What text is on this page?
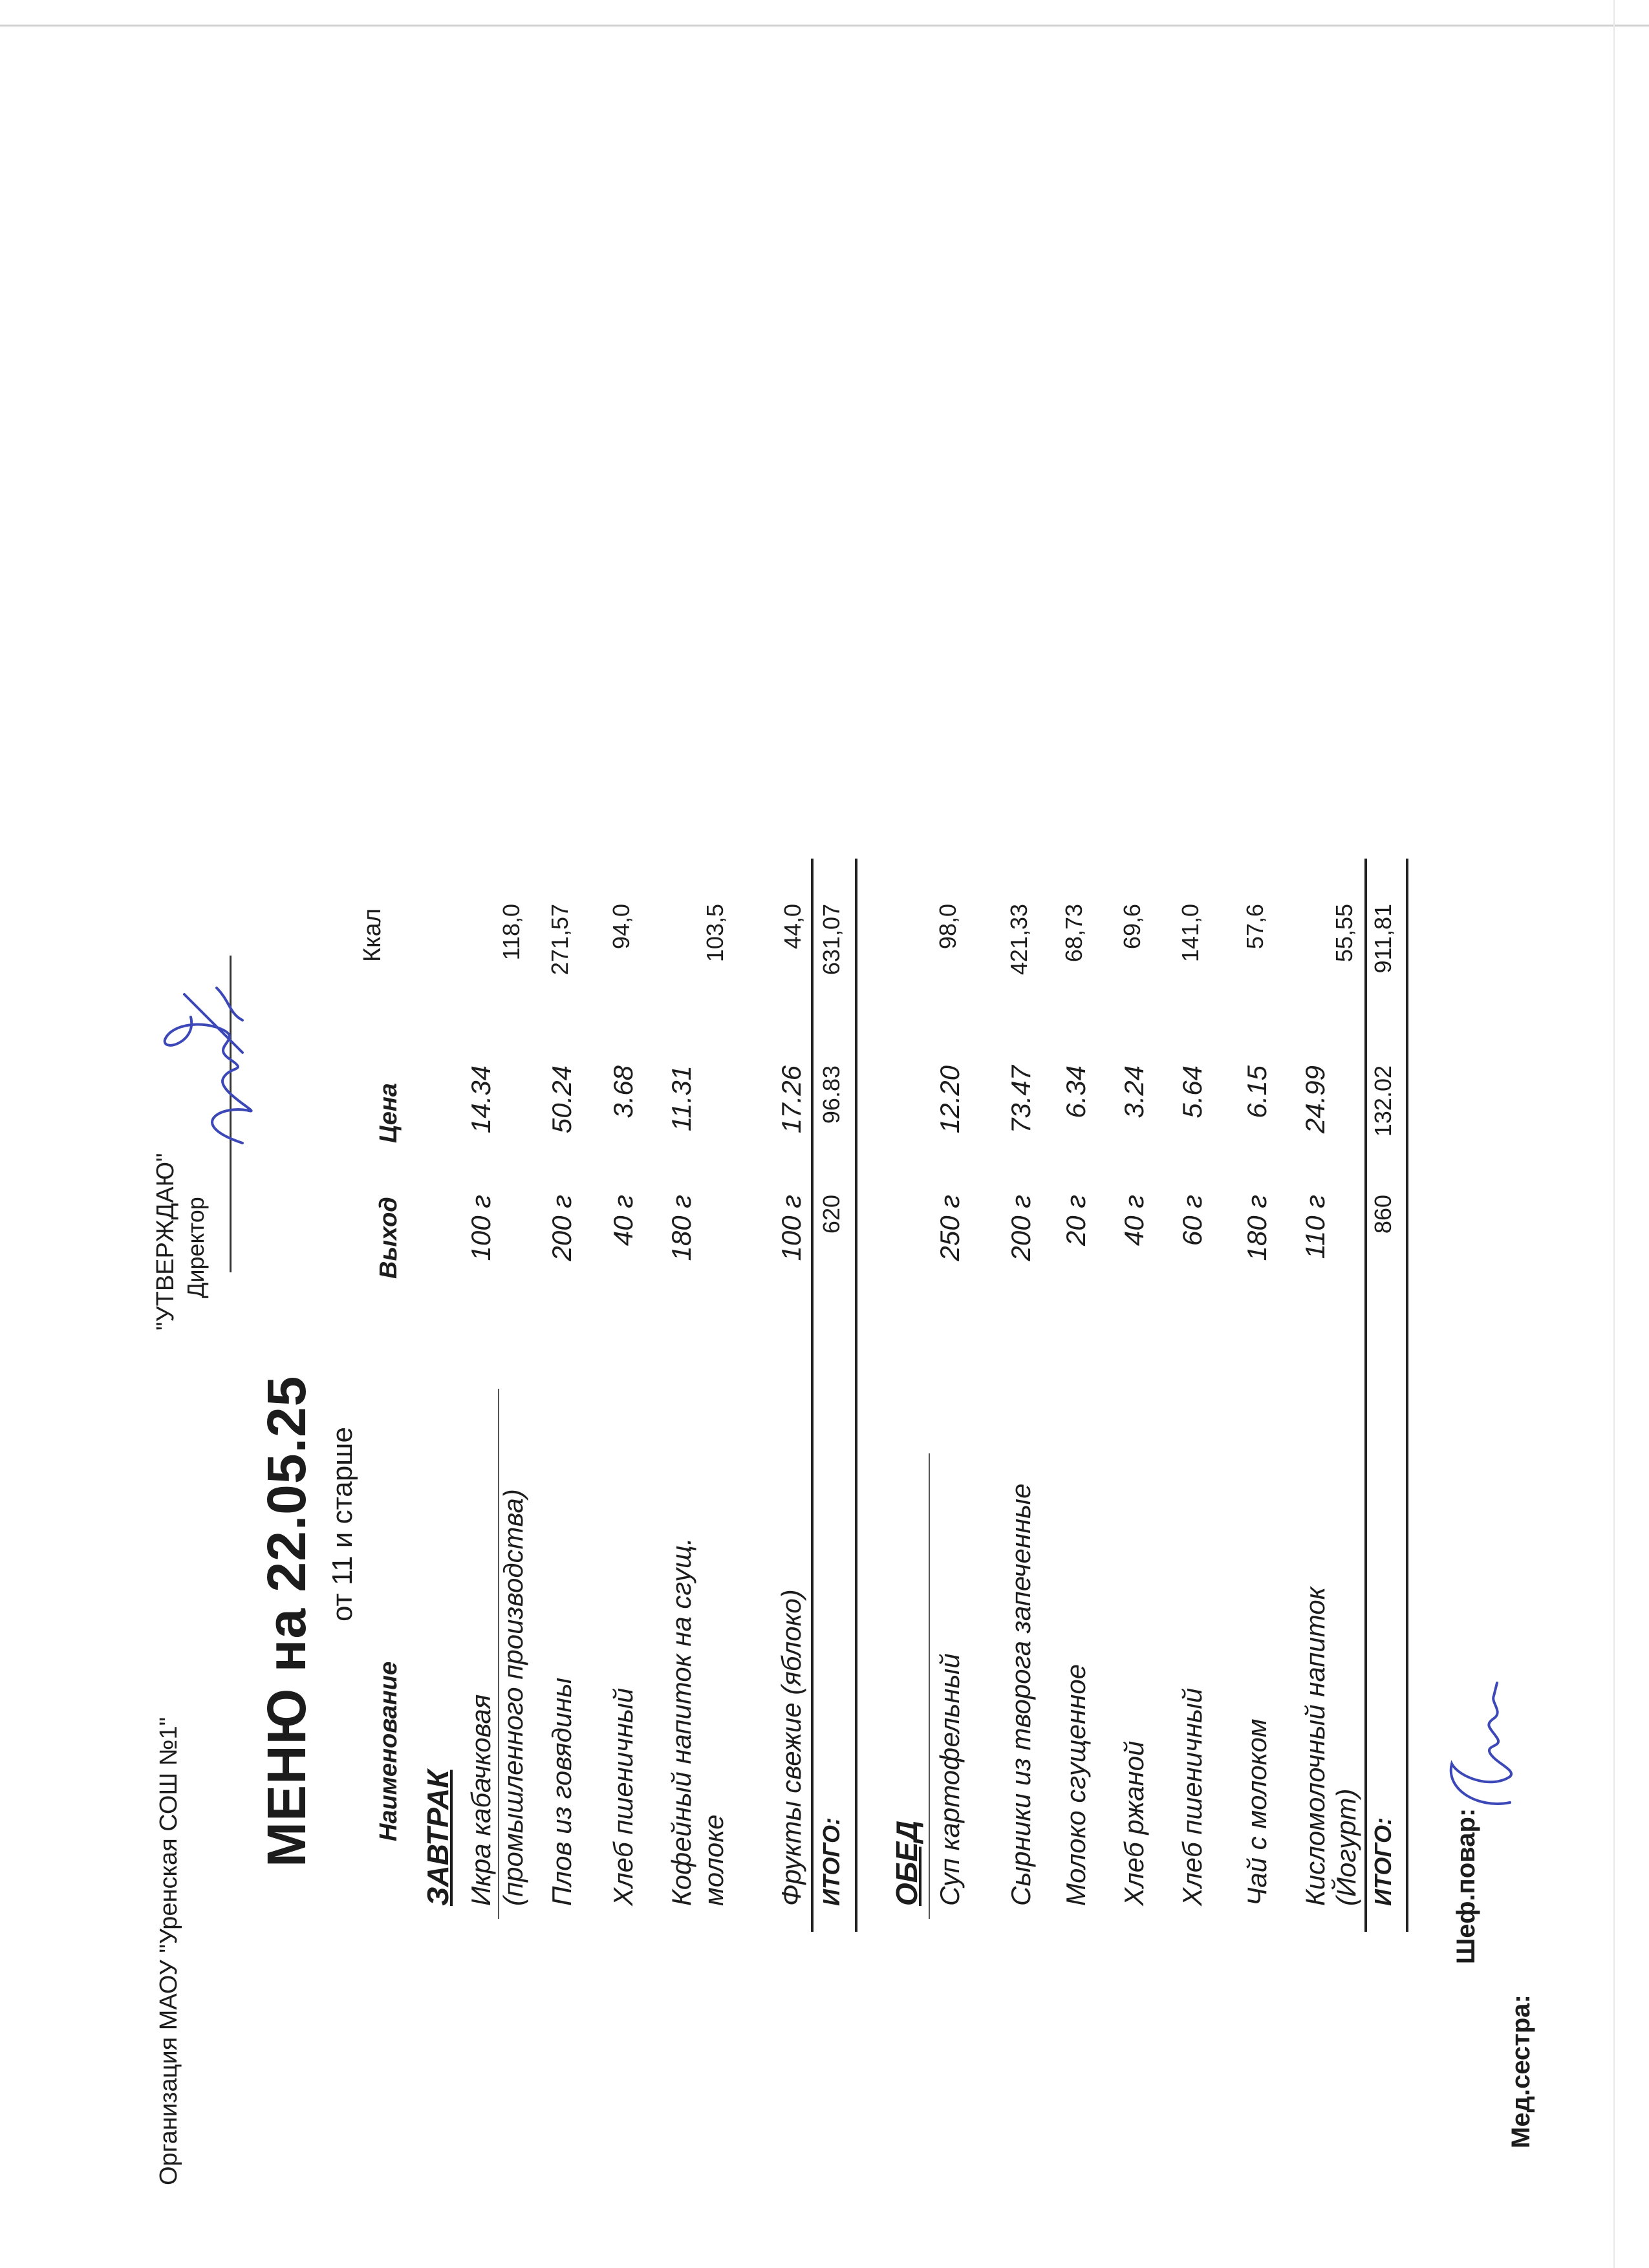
Организация МАОУ "Уренская СОШ №1"
"УТВЕРЖДАЮ" Директор
МЕНЮ на 22.05.25 от 11 и старше
Наименование
Выход
Цена
Ккал
ЗАВТРАК Икра кабачковая (промышленного производства)
100 г
14.34
118,0
Плов из говядины
200 г
50.24
271,57
Хлеб пшеничный
40 г
3.68
94,0
Кофейный напиток на сгущ. молоке
180 г
11.31
103,5
Фрукты свежие (яблоко)
100 г
17.26
44,0
ИТОГО:
620
96.83
631,07
ОБЕД Суп картофельный
250 г
12.20
98,0
Сырники из творога запеченные
200 г
73.47
421,33
Молоко сгущенное
20 г
6.34
68,73
Хлеб ржаной
40 г
3.24
69,6
Хлеб пшеничный
60 г
5.64
141,0
Чай с молоком
180 г
6.15
57,6
Кисломолочный напиток (Йогурт)
110 г
24.99
55,55
ИТОГО:
860
132.02
911,81
Шеф.повар:
Мед.сестра:
